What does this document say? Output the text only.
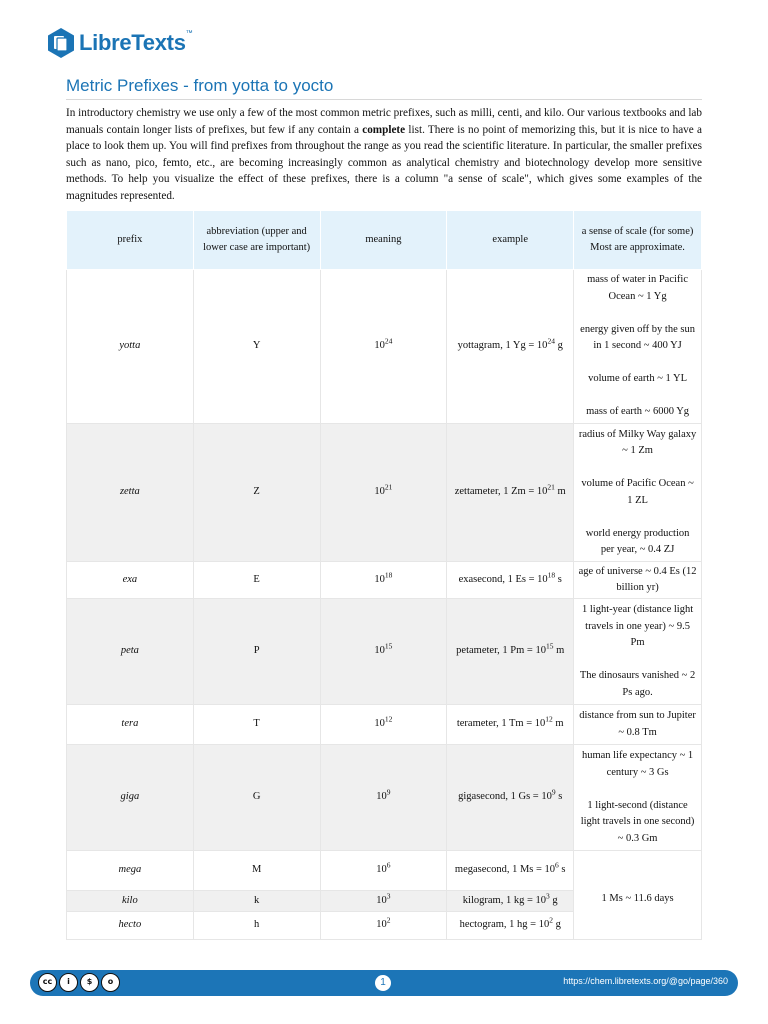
LibreTexts™
Metric Prefixes - from yotta to yocto

In introductory chemistry we use only a few of the most common metric prefixes, such as milli, centi, and kilo. Our various textbooks and lab manuals contain longer lists of prefixes, but few if any contain a complete list. There is no point of memorizing this, but it is nice to have a place to look them up. You will find prefixes from throughout the range as you read the scientific literature. In particular, the smaller prefixes such as nano, pico, femto, etc., are becoming increasingly common as analytical chemistry and biotechnology develop more sensitive methods. To help you visualize the effect of these prefixes, there is a column "a sense of scale", which gives some examples of the magnitudes represented.

prefix	abbreviation (upper and lower case are important)	meaning	example	a sense of scale (for some) Most are approximate.
yotta	Y	$10^{24}$	yottagram, 1 $Yg = 10^{24}$ g	mass of water in Pacific Ocean ~ 1 Yg

energy given off by the sun in 1 second ~ 400 YJ

volume of earth ~ 1 YL

mass of earth ~ 6000 Yg

zetta	Z	$10^{21}$	zettameter, 1 $Zm = 10^{21}$ m	radius of Milky Way galaxy ~ 1 Zm

volume of Pacific Ocean ~ 1 ZL

world energy production per year, ~ 0.4 ZJ

exa	E	$10^{18}$	exasecond, 1 $Es = 10^{18}$ s	age of universe ~ 0.4 Es (12 billion yr)

peta	P	$10^{15}$	petameter, 1 $Pm = 10^{15}$ m	1 light-year (distance light travels in one year) ~ 9.5 Pm

The dinosaurs vanished ~ 2 Ps ago.

tera	T	$10^{12}$	terameter, 1 $Tm = 10^{12}$ m	distance from sun to Jupiter ~ 0.8 Tm

giga	G	$10^9$	gigasecond, 1 $Gs = 10^9$ s	human life expectancy ~ 1 century ~ 3 Gs

1 light-second (distance light travels in one second) ~ 0.3 Gm

mega	M	$10^6$	megasecond, 1 $Ms = 10^6$ s	1 Ms ~ 11.6 days

kilo	k	$10^3$	kilogram, 1 kg = $10^3$ g	
hecto	h	$10^2$	hectogram, 1 hg = $10^2$ g	
cc	i	$	o	1	https://chem.libretexts.org/@go/page/360
